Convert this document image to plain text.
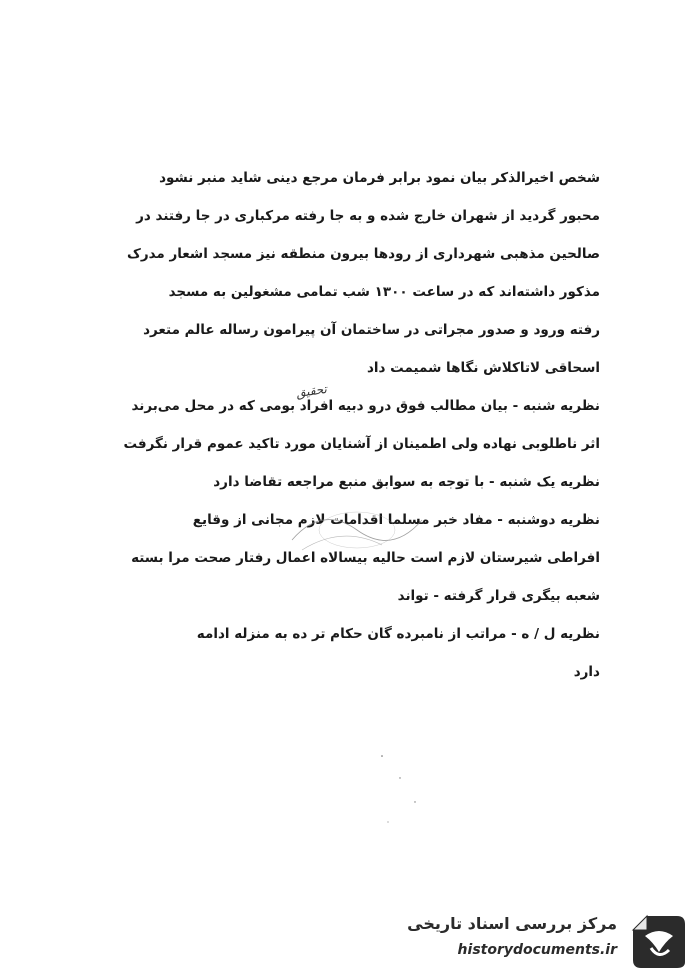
شخص اخیرالذکر بیان نمود برابر فرمان مرجع دینی شاید منبر نشود
محبور گردید از شهران خارج شده و به جا رفته مرکباری در جا رفتند در
صالحین مذهبی شهرداری از رودها بیرون منطقه نیز مسجد اشعار مدرک
مذکور داشته‌اند که در ساعت ۱۳۰۰ شب تمامی مشغولین به مسجد
رفته ورود و صدور مجراتی در ساختمان آن پیرامون رساله عالم متعرد
اسحاقی لاتاکلاش نگاها شمیمت داد
نظریه شنبه - بیان مطالب فوق درو دبیه افراد بومی که در محل می‌برند
اثر ناطلوبی نهاده ولی اطمینان از آشنایان مورد تاکید عموم قرار نگرفت
نظریه یک شنبه - با توجه به سوابق منبع مراجعه تقاضا دارد
نظریه دوشنبه - مفاد خبر مسلما اقدامات لازم مجانی از وقایع
افراطی شیرستان لازم است حالیه بیسالاه اعمال رفتار صحت مرا بسته
شعبه بیگری قرار گرفته - تواند
نظریه ل / ه - مراتب از نامبرده گان حکام تر ده به منزله ادامه
دارد
تحقیق
مرکز بررسی اسناد تاریخی
historydocuments.ir
